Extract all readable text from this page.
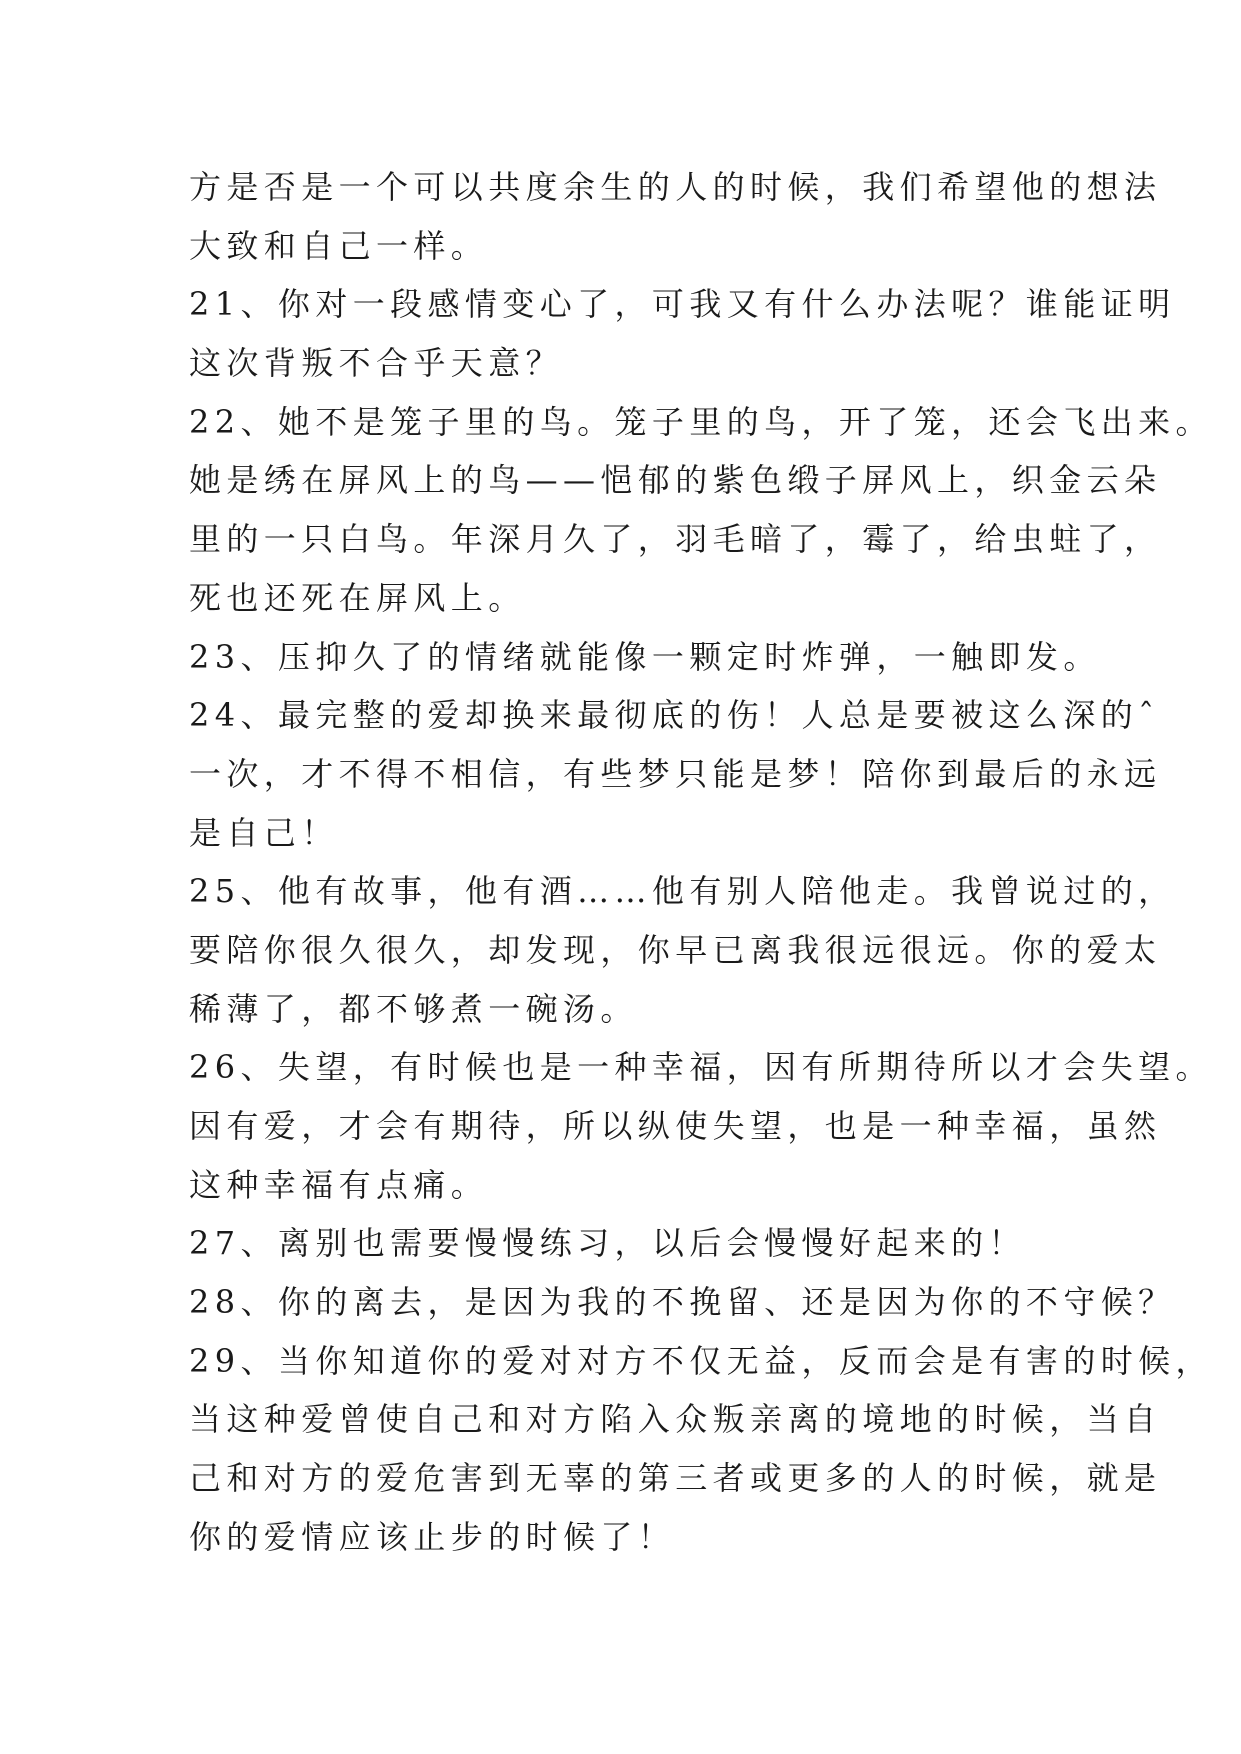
方是否是一个可以共度余生的人的时候，我们希望他的想法
大致和自己一样。
21、你对一段感情变心了，可我又有什么办法呢？谁能证明
这次背叛不合乎天意？
22、她不是笼子里的鸟。笼子里的鸟，开了笼，还会飞出来。
她是绣在屏风上的鸟——悒郁的紫色缎子屏风上，织金云朵
里的一只白鸟。年深月久了，羽毛暗了，霉了，给虫蛀了，
死也还死在屏风上。
23、压抑久了的情绪就能像一颗定时炸弹，一触即发。
24、最完整的爱却换来最彻底的伤！人总是要被这么深的ˆ
一次，才不得不相信，有些梦只能是梦！陪你到最后的永远
是自己！
25、他有故事，他有酒……他有别人陪他走。我曾说过的，
要陪你很久很久，却发现，你早已离我很远很远。你的爱太
稀薄了，都不够煮一碗汤。
26、失望，有时候也是一种幸福，因有所期待所以才会失望。
因有爱，才会有期待，所以纵使失望，也是一种幸福，虽然
这种幸福有点痛。
27、离别也需要慢慢练习，以后会慢慢好起来的！
28、你的离去，是因为我的不挽留、还是因为你的不守候？
29、当你知道你的爱对对方不仅无益，反而会是有害的时候，
当这种爱曾使自己和对方陷入众叛亲离的境地的时候，当自
己和对方的爱危害到无辜的第三者或更多的人的时候，就是
你的爱情应该止步的时候了！
